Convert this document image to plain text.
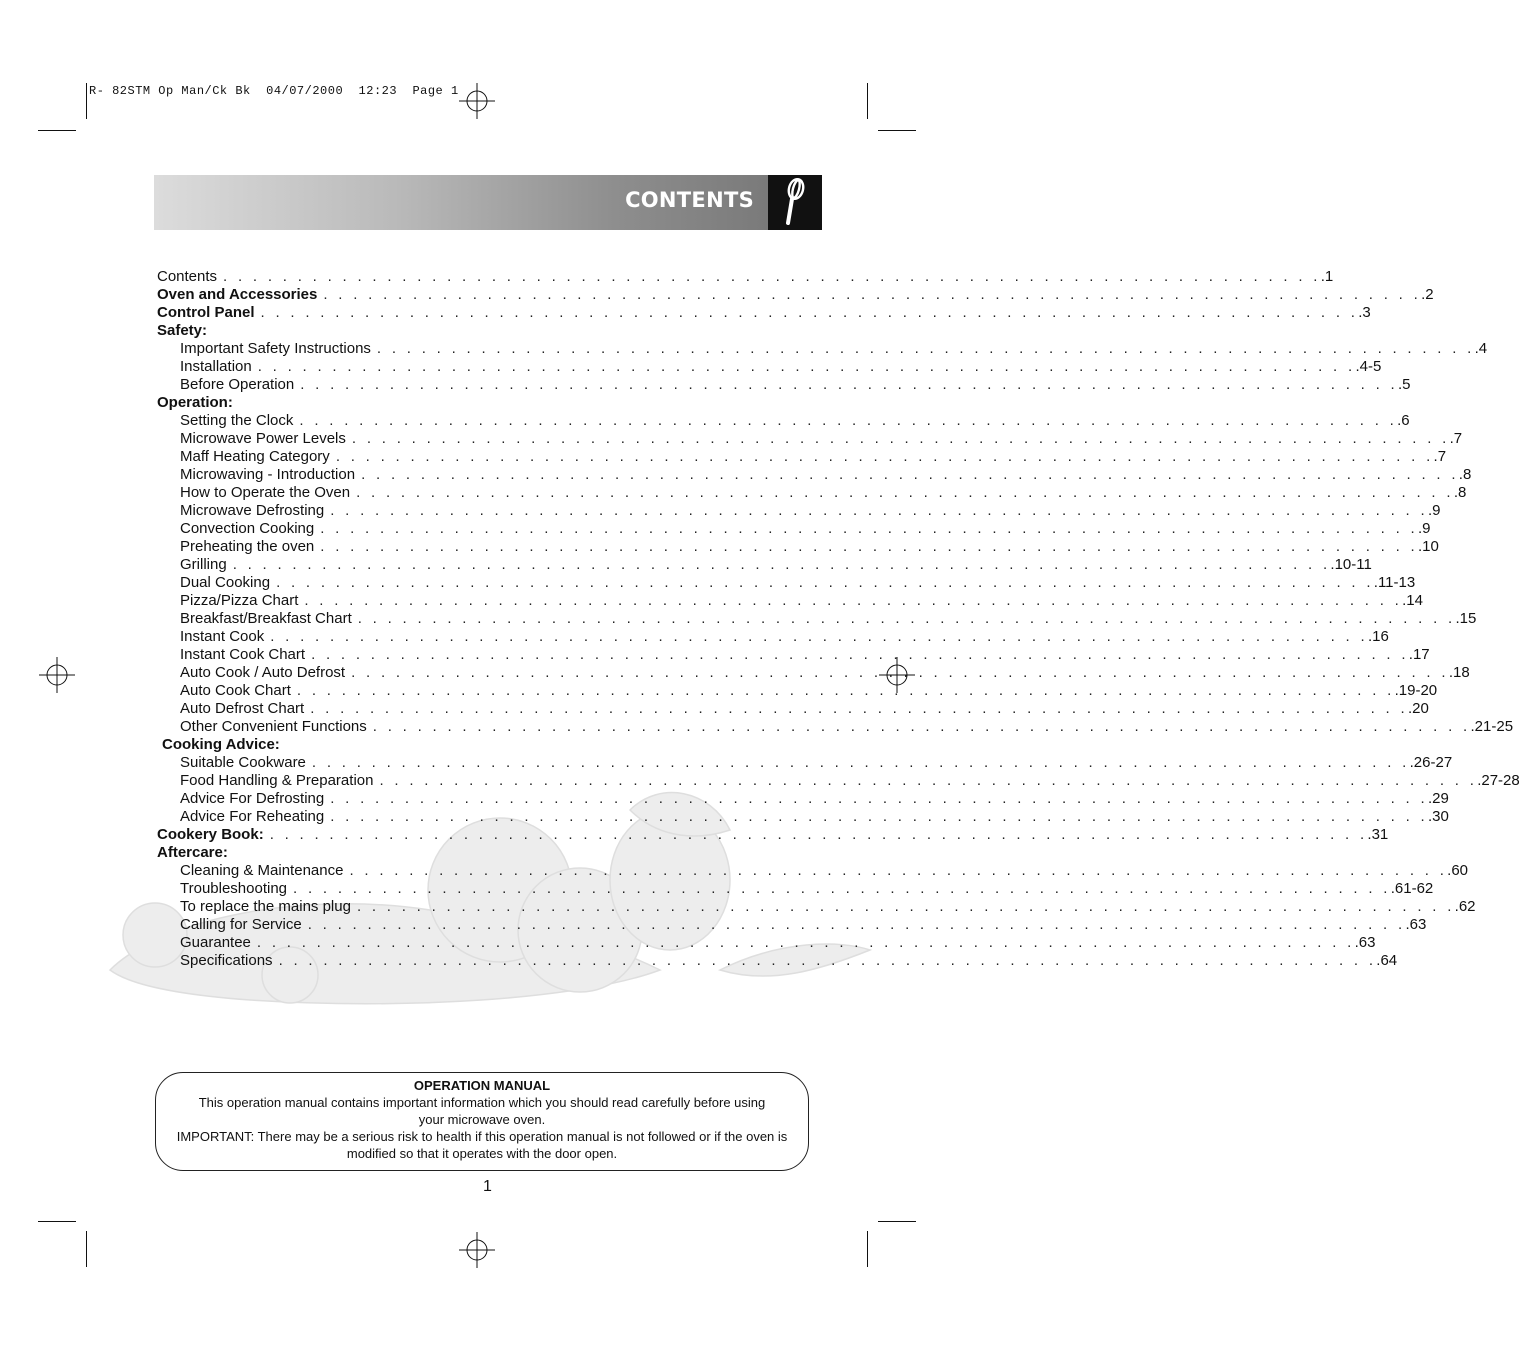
R- 82STM Op Man/Ck Bk  04/07/2000  12:23  Page 1
CONTENTS
Contents . . . . . . . . . . . . . . . . . . . . . . . . . . . . . . . . . . . . . . . . . . . . . . . . . . . . . . . . . . . . . . . . . . . . . . . . . . .1
Oven and Accessories . . . . . . . . . . . . . . . . . . . . . . . . . . . . . . . . . . . . . . . . . . . . . . . . . . . . . . . . . . . . . . . . . . . . . . . . . . .2
Control Panel . . . . . . . . . . . . . . . . . . . . . . . . . . . . . . . . . . . . . . . . . . . . . . . . . . . . . . . . . . . . . . . . . . . . . . . . . . .3
Safety:
Important Safety Instructions . . . . . . . . . . . . . . . . . . . . . . . . . . . . . . . . . . . . . . . . . . . . . . . . . . . . . . . . . . . . . . . . . . . . . . . . . . .4
Installation . . . . . . . . . . . . . . . . . . . . . . . . . . . . . . . . . . . . . . . . . . . . . . . . . . . . . . . . . . . . . . . . . . . . . . . . . . .4-5
Before Operation . . . . . . . . . . . . . . . . . . . . . . . . . . . . . . . . . . . . . . . . . . . . . . . . . . . . . . . . . . . . . . . . . . . . . . . . . . .5
Operation:
Setting the Clock . . . . . . . . . . . . . . . . . . . . . . . . . . . . . . . . . . . . . . . . . . . . . . . . . . . . . . . . . . . . . . . . . . . . . . . . . . .6
Microwave Power Levels . . . . . . . . . . . . . . . . . . . . . . . . . . . . . . . . . . . . . . . . . . . . . . . . . . . . . . . . . . . . . . . . . . . . . . . . . . .7
Maff Heating Category . . . . . . . . . . . . . . . . . . . . . . . . . . . . . . . . . . . . . . . . . . . . . . . . . . . . . . . . . . . . . . . . . . . . . . . . . . .7
Microwaving - Introduction . . . . . . . . . . . . . . . . . . . . . . . . . . . . . . . . . . . . . . . . . . . . . . . . . . . . . . . . . . . . . . . . . . . . . . . . . . .8
How to Operate the Oven . . . . . . . . . . . . . . . . . . . . . . . . . . . . . . . . . . . . . . . . . . . . . . . . . . . . . . . . . . . . . . . . . . . . . . . . . . .8
Microwave Defrosting . . . . . . . . . . . . . . . . . . . . . . . . . . . . . . . . . . . . . . . . . . . . . . . . . . . . . . . . . . . . . . . . . . . . . . . . . . .9
Convection Cooking . . . . . . . . . . . . . . . . . . . . . . . . . . . . . . . . . . . . . . . . . . . . . . . . . . . . . . . . . . . . . . . . . . . . . . . . . . .9
Preheating the oven . . . . . . . . . . . . . . . . . . . . . . . . . . . . . . . . . . . . . . . . . . . . . . . . . . . . . . . . . . . . . . . . . . . . . . . . . . .10
Grilling . . . . . . . . . . . . . . . . . . . . . . . . . . . . . . . . . . . . . . . . . . . . . . . . . . . . . . . . . . . . . . . . . . . . . . . . . . .10-11
Dual Cooking . . . . . . . . . . . . . . . . . . . . . . . . . . . . . . . . . . . . . . . . . . . . . . . . . . . . . . . . . . . . . . . . . . . . . . . . . . .11-13
Pizza/Pizza Chart . . . . . . . . . . . . . . . . . . . . . . . . . . . . . . . . . . . . . . . . . . . . . . . . . . . . . . . . . . . . . . . . . . . . . . . . . . .14
Breakfast/Breakfast Chart . . . . . . . . . . . . . . . . . . . . . . . . . . . . . . . . . . . . . . . . . . . . . . . . . . . . . . . . . . . . . . . . . . . . . . . . . . .15
Instant Cook . . . . . . . . . . . . . . . . . . . . . . . . . . . . . . . . . . . . . . . . . . . . . . . . . . . . . . . . . . . . . . . . . . . . . . . . . . .16
Instant Cook Chart . . . . . . . . . . . . . . . . . . . . . . . . . . . . . . . . . . . . . . . . . . . . . . . . . . . . . . . . . . . . . . . . . . . . . . . . . . .17
Auto Cook / Auto Defrost . . . . . . . . . . . . . . . . . . . . . . . . . . . . . . . . . . . . . . . . . . . . . . . . . . . . . . . . . . . . . . . . . . . . . . . . . . .18
Auto Cook Chart . . . . . . . . . . . . . . . . . . . . . . . . . . . . . . . . . . . . . . . . . . . . . . . . . . . . . . . . . . . . . . . . . . . . . . . . . . .19-20
Auto Defrost Chart . . . . . . . . . . . . . . . . . . . . . . . . . . . . . . . . . . . . . . . . . . . . . . . . . . . . . . . . . . . . . . . . . . . . . . . . . . .20
Other Convenient Functions . . . . . . . . . . . . . . . . . . . . . . . . . . . . . . . . . . . . . . . . . . . . . . . . . . . . . . . . . . . . . . . . . . . . . . . . . . .21-25
Cooking Advice:
Suitable Cookware . . . . . . . . . . . . . . . . . . . . . . . . . . . . . . . . . . . . . . . . . . . . . . . . . . . . . . . . . . . . . . . . . . . . . . . . . . .26-27
Food Handling & Preparation . . . . . . . . . . . . . . . . . . . . . . . . . . . . . . . . . . . . . . . . . . . . . . . . . . . . . . . . . . . . . . . . . . . . . . . . . . .27-28
Advice For Defrosting . . . . . . . . . . . . . . . . . . . . . . . . . . . . . . . . . . . . . . . . . . . . . . . . . . . . . . . . . . . . . . . . . . . . . . . . . . .29
Advice For Reheating . . . . . . . . . . . . . . . . . . . . . . . . . . . . . . . . . . . . . . . . . . . . . . . . . . . . . . . . . . . . . . . . . . . . . . . . . . .30
Cookery Book: . . . . . . . . . . . . . . . . . . . . . . . . . . . . . . . . . . . . . . . . . . . . . . . . . . . . . . . . . . . . . . . . . . . . . . . . . . .31
Aftercare:
Cleaning & Maintenance . . . . . . . . . . . . . . . . . . . . . . . . . . . . . . . . . . . . . . . . . . . . . . . . . . . . . . . . . . . . . . . . . . . . . . . . . . .60
Troubleshooting . . . . . . . . . . . . . . . . . . . . . . . . . . . . . . . . . . . . . . . . . . . . . . . . . . . . . . . . . . . . . . . . . . . . . . . . . . .61-62
To replace the mains plug . . . . . . . . . . . . . . . . . . . . . . . . . . . . . . . . . . . . . . . . . . . . . . . . . . . . . . . . . . . . . . . . . . . . . . . . . . .62
Calling for Service . . . . . . . . . . . . . . . . . . . . . . . . . . . . . . . . . . . . . . . . . . . . . . . . . . . . . . . . . . . . . . . . . . . . . . . . . . .63
Guarantee . . . . . . . . . . . . . . . . . . . . . . . . . . . . . . . . . . . . . . . . . . . . . . . . . . . . . . . . . . . . . . . . . . . . . . . . . . .63
Specifications . . . . . . . . . . . . . . . . . . . . . . . . . . . . . . . . . . . . . . . . . . . . . . . . . . . . . . . . . . . . . . . . . . . . . . . . . . .64

OPERATION MANUAL

This operation manual contains important information which you should read carefully before using

your microwave oven.

IMPORTANT: There may be a serious risk to health if this operation manual is not followed or if the oven is

modified so that it operates with the door open.

1
